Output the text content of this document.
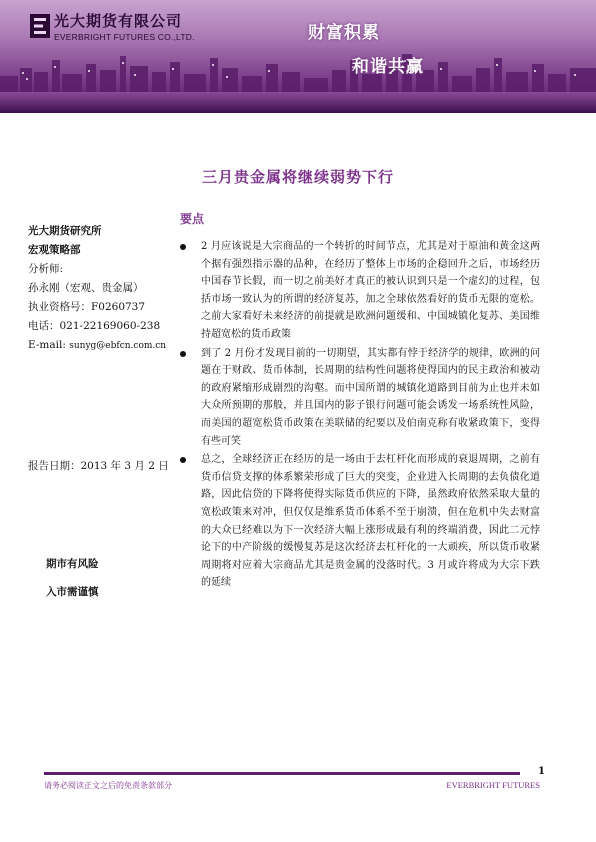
光大期货有限公司
EVERBRIGHT FUTURES CO.,LTD.	财富积累
和谐共赢
三月贵金属将继续弱势下行
光大期货研究所
宏观策略部
分析师:
孙永刚（宏观、贵金属）
执业资格号：F0260737
电话：021-22169060-238
E-mail: sunyg@ebfcn.com.cn
报告日期：2013 年 3 月 2 日
期市有风险
入市需谨慎
要点
2 月应该说是大宗商品的一个转折的时间节点，尤其是对于原油和黄金这两个据有强烈指示器的品种，在经历了整体上市场的企稳回升之后，市场经历中国春节长假，而一切之前美好才真正的被认识到只是一个虚幻的过程，包括市场一致认为的所谓的经济复苏，加之全球依然看好的货币无限的宽松。之前大家看好未来经济的前提就是欧洲问题缓和、中国城镇化复苏、美国维持超宽松的货币政策
到了 2 月份才发现目前的一切期望，其实都有悖于经济学的规律，欧洲的问题在于财政、货币体制，长周期的结构性问题将使得国内的民主政治和被动的政府紧缩形成剧烈的沟壑。而中国所谓的城镇化道路到目前为止也并未如大众所预期的那般，并且国内的影子银行问题可能会诱发一场系统性风险，而美国的超宽松货币政策在美联储的纪要以及伯南克称有收紧政策下，变得有些可笑
总之，全球经济正在经历的是一场由于去杠杆化而形成的衰退周期，之前有货币信贷支撑的体系繁荣形成了巨大的突变，企业进入长周期的去负债化道路，因此信贷的下降将使得实际货币供应的下降，虽然政府依然采取大量的宽松政策来对冲，但仅仅是维系货币体系不至于崩溃，但在危机中失去财富的大众已经难以为下一次经济大幅上涨形成最有利的终端消费，因此二元悖论下的中产阶级的缓慢复苏是这次经济去杠杆化的一大顽疾，所以货币收紧周期将对应着大宗商品尤其是贵金属的没落时代。3 月或许将成为大宗下跌的延续
1
请务必阅读正文之后的免责条款部分	EVERBRIGHT FUTURES
